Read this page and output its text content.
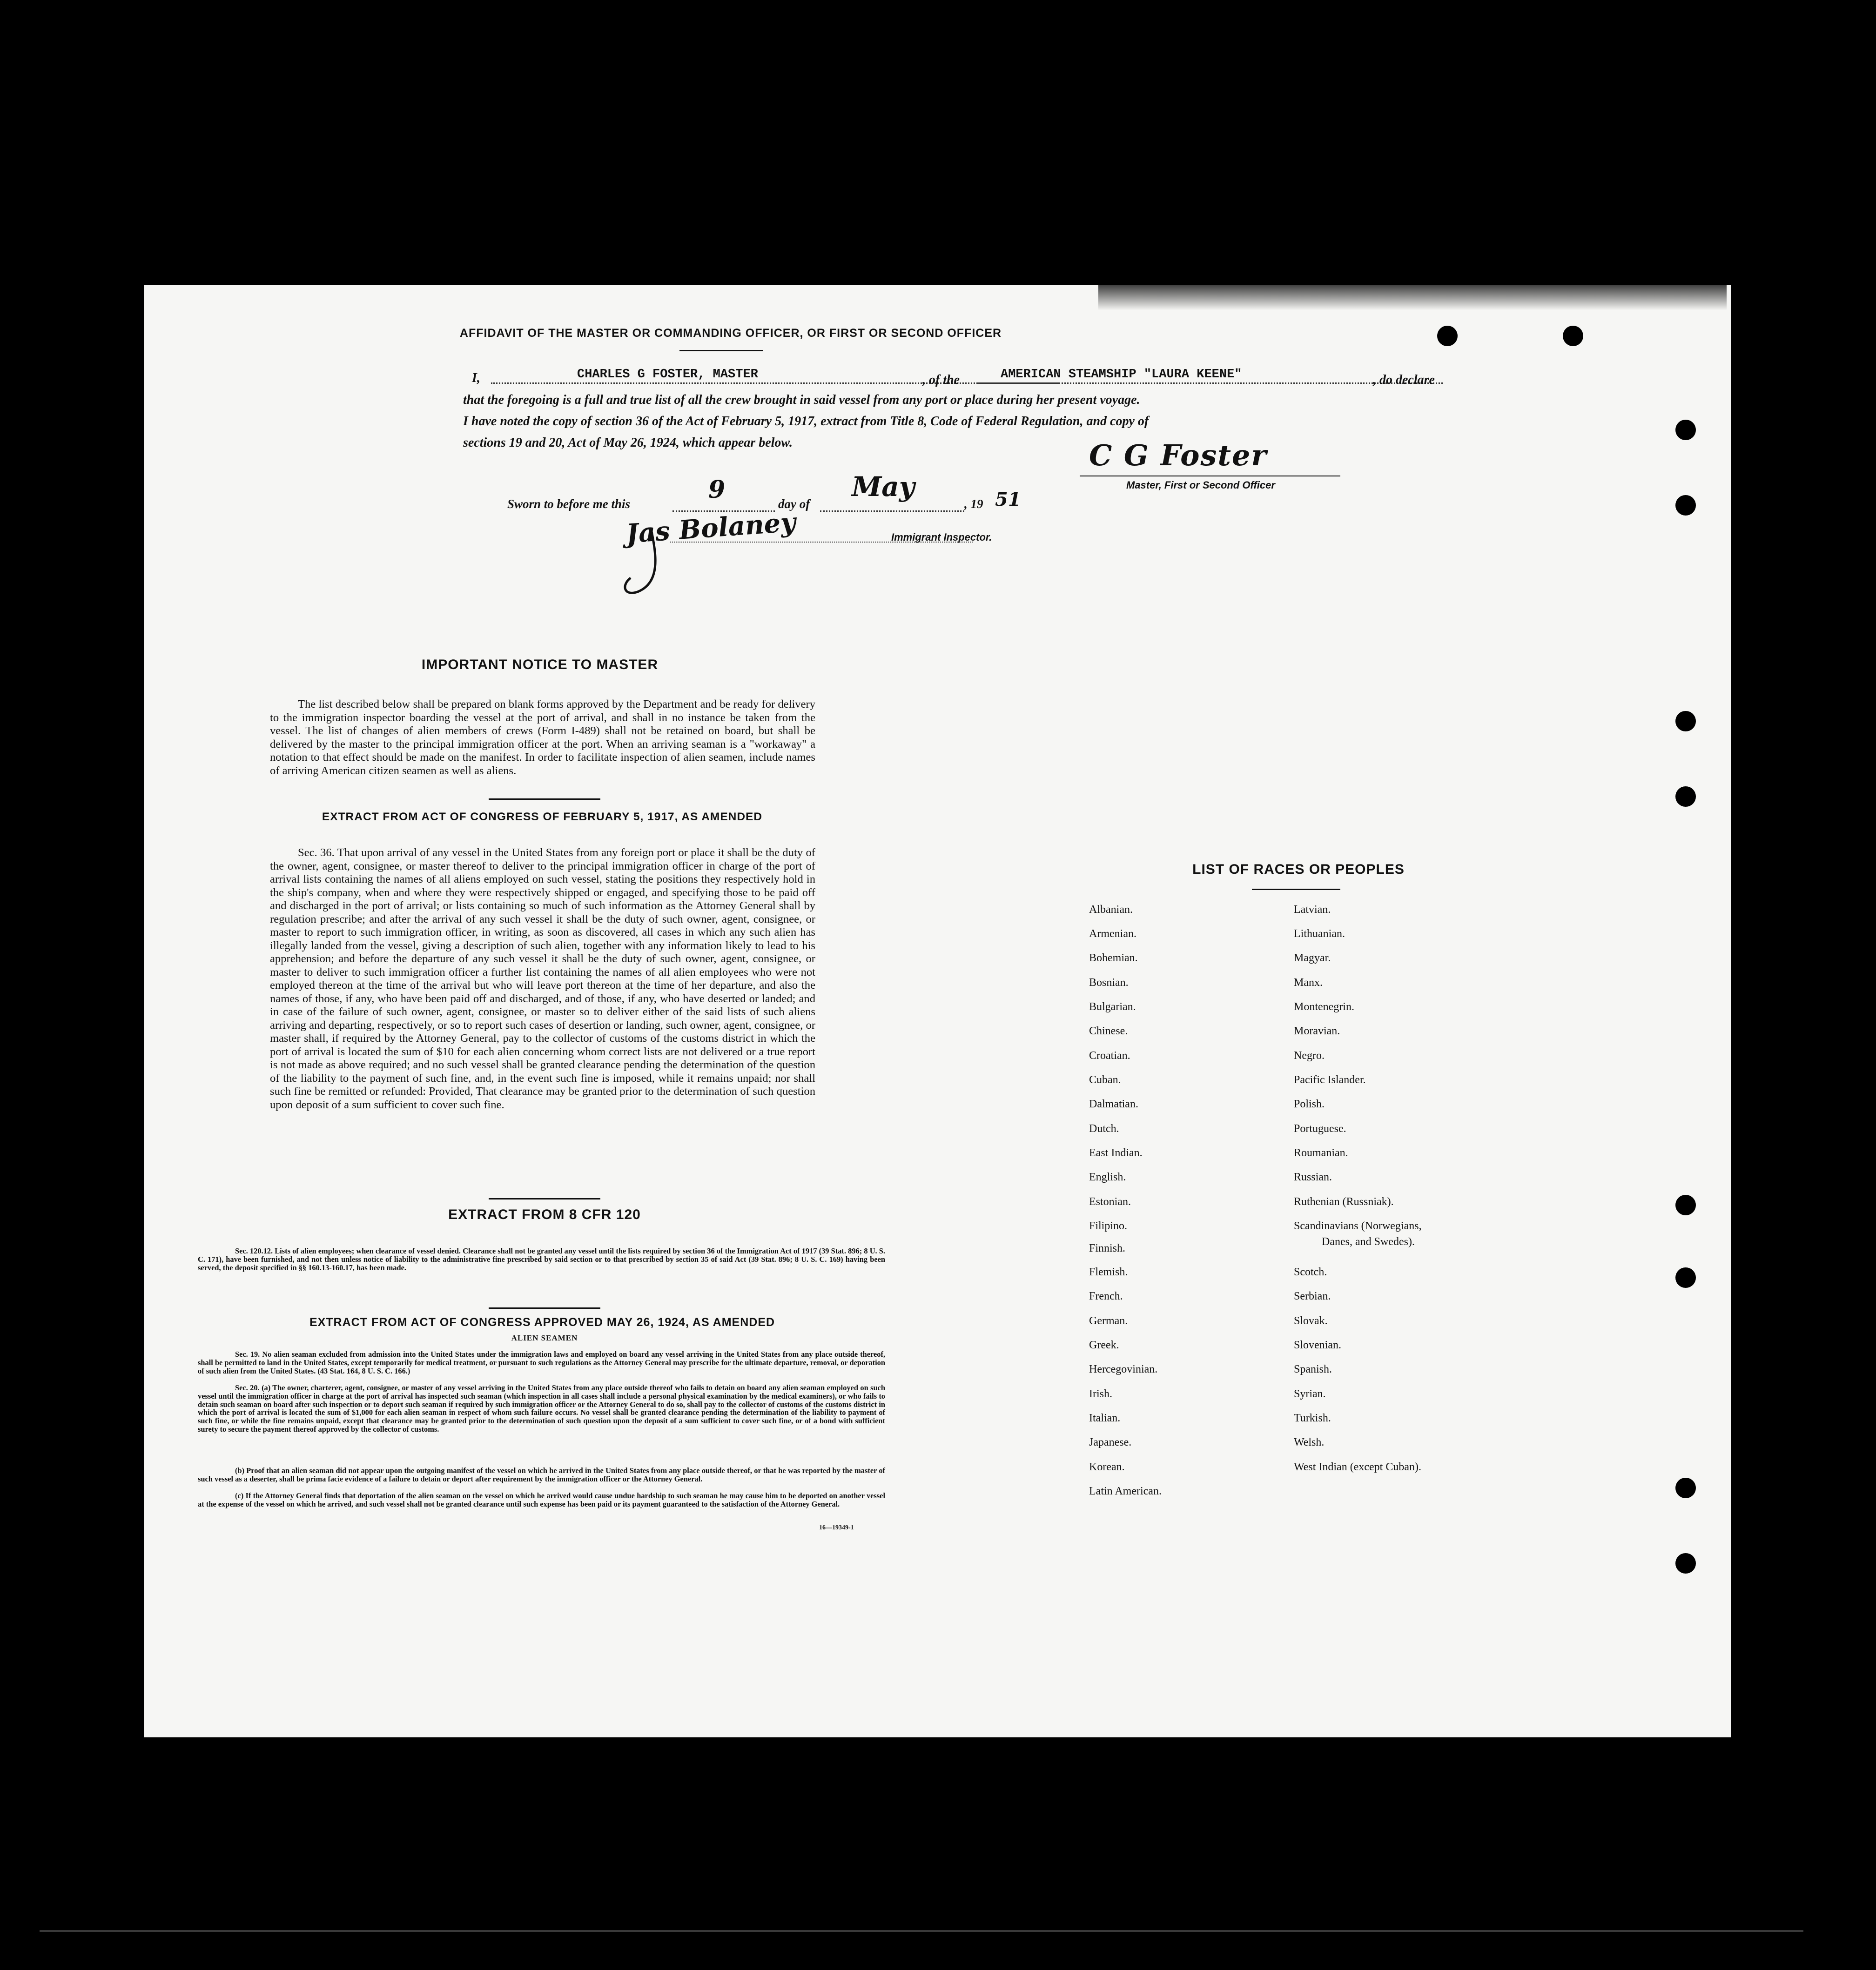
AFFIDAVIT OF THE MASTER OR COMMANDING OFFICER, OR FIRST OR SECOND OFFICER
I,	CHARLES G FOSTER, MASTER	, of the	AMERICAN STEAMSHIP "LAURA KEENE"	, do declare
that the foregoing is a full and true list of all the crew brought in said vessel from any port or place during her present voyage.
I have noted the copy of section 36 of the Act of February 5, 1917, extract from Title 8, Code of Federal Regulation, and copy of
sections 19 and 20, Act of May 26, 1924, which appear below.	C G Foster
Master, First or Second Officer
Sworn to before me this	9	day of
May
, 19 51
Jas Bolaney	Immigrant Inspector.
IMPORTANT NOTICE TO MASTER
The list described below shall be prepared on blank forms approved by the Department and be ready for delivery to the immigration inspector boarding the vessel at the port of arrival, and shall in no instance be taken from the vessel. The list of changes of alien members of crews (Form I-489) shall not be retained on board, but shall be delivered by the master to the principal immigration officer at the port. When an arriving seaman is a "workaway" a notation to that effect should be made on the manifest. In order to facilitate inspection of alien seamen, include names of arriving American citizen seamen as well as aliens.
EXTRACT FROM ACT OF CONGRESS OF FEBRUARY 5, 1917, AS AMENDED
Sec. 36. That upon arrival of any vessel in the United States from any foreign port or place it shall be the duty of the owner, agent, consignee, or master thereof to deliver to the principal immigration officer in charge of the port of arrival lists containing the names of all aliens employed on such vessel, stating the positions they respectively hold in the ship's company, when and where they were respectively shipped or engaged, and specifying those to be paid off and discharged in the port of arrival; or lists containing so much of such information as the Attorney General shall by regulation prescribe; and after the arrival of any such vessel it shall be the duty of such owner, agent, consignee, or master to report to such immigration officer, in writing, as soon as discovered, all cases in which any such alien has illegally landed from the vessel, giving a description of such alien, together with any information likely to lead to his apprehension; and before the departure of any such vessel it shall be the duty of such owner, agent, consignee, or master to deliver to such immigration officer a further list containing the names of all alien employees who were not employed thereon at the time of the arrival but who will leave port thereon at the time of her departure, and also the names of those, if any, who have been paid off and discharged, and of those, if any, who have deserted or landed; and in case of the failure of such owner, agent, consignee, or master so to deliver either of the said lists of such aliens arriving and departing, respectively, or so to report such cases of desertion or landing, such owner, agent, consignee, or master shall, if required by the Attorney General, pay to the collector of customs of the customs district in which the port of arrival is located the sum of $10 for each alien concerning whom correct lists are not delivered or a true report is not made as above required; and no such vessel shall be granted clearance pending the determination of the question of the liability to the payment of such fine, and, in the event such fine is imposed, while it remains unpaid; nor shall such fine be remitted or refunded: Provided, That clearance may be granted prior to the determination of such question upon deposit of a sum sufficient to cover such fine.
EXTRACT FROM 8 CFR 120
Sec. 120.12. Lists of alien employees; when clearance of vessel denied. Clearance shall not be granted any vessel until the lists required by section 36 of the Immigration Act of 1917 (39 Stat. 896; 8 U. S. C. 171), have been furnished, and not then unless notice of liability to the administrative fine prescribed by said section or to that prescribed by section 35 of said Act (39 Stat. 896; 8 U. S. C. 169) having been served, the deposit specified in §§ 160.13-160.17, has been made.
EXTRACT FROM ACT OF CONGRESS APPROVED MAY 26, 1924, AS AMENDED
ALIEN SEAMEN
Sec. 19. No alien seaman excluded from admission into the United States under the immigration laws and employed on board any vessel arriving in the United States from any place outside thereof, shall be permitted to land in the United States, except temporarily for medical treatment, or pursuant to such regulations as the Attorney General may prescribe for the ultimate departure, removal, or deporation of such alien from the United States. (43 Stat. 164, 8 U. S. C. 166.)
Sec. 20. (a) The owner, charterer, agent, consignee, or master of any vessel arriving in the United States from any place outside thereof who fails to detain on board any alien seaman employed on such vessel until the immigration officer in charge at the port of arrival has inspected such seaman (which inspection in all cases shall include a personal physical examination by the medical examiners), or who fails to detain such seaman on board after such inspection or to deport such seaman if required by such immigration officer or the Attorney General to do so, shall pay to the collector of customs of the customs district in which the port of arrival is located the sum of $1,000 for each alien seaman in respect of whom such failure occurs. No vessel shall be granted clearance pending the determination of the liability to payment of such fine, or while the fine remains unpaid, except that clearance may be granted prior to the determination of such question upon the deposit of a sum sufficient to cover such fine, or of a bond with sufficient surety to secure the payment thereof approved by the collector of customs.
(b) Proof that an alien seaman did not appear upon the outgoing manifest of the vessel on which he arrived in the United States from any place outside thereof, or that he was reported by the master of such vessel as a deserter, shall be prima facie evidence of a failure to detain or deport after requirement by the immigration officer or the Attorney General.
(c) If the Attorney General finds that deportation of the alien seaman on the vessel on which he arrived would cause undue hardship to such seaman he may cause him to be deported on another vessel at the expense of the vessel on which he arrived, and such vessel shall not be granted clearance until such expense has been paid or its payment guaranteed to the satisfaction of the Attorney General.
16—19349-1
LIST OF RACES OR PEOPLES
Albanian.
Armenian.
Bohemian.
Bosnian.
Bulgarian.
Chinese.
Croatian.
Cuban.
Dalmatian.
Dutch.
East Indian.
English.
Estonian.
Filipino.
Finnish.
Flemish.
French.
German.
Greek.
Hercegovinian.
Irish.
Italian.
Japanese.
Korean.
Latin American.
Latvian.
Lithuanian.
Magyar.
Manx.
Montenegrin.
Moravian.
Negro.
Pacific Islander.
Polish.
Portuguese.
Roumanian.
Russian.
Ruthenian (Russniak).
Scandinavians (Norwegians,
Danes, and Swedes).
Scotch.
Serbian.
Slovak.
Slovenian.
Spanish.
Syrian.
Turkish.
Welsh.
West Indian (except Cuban).
